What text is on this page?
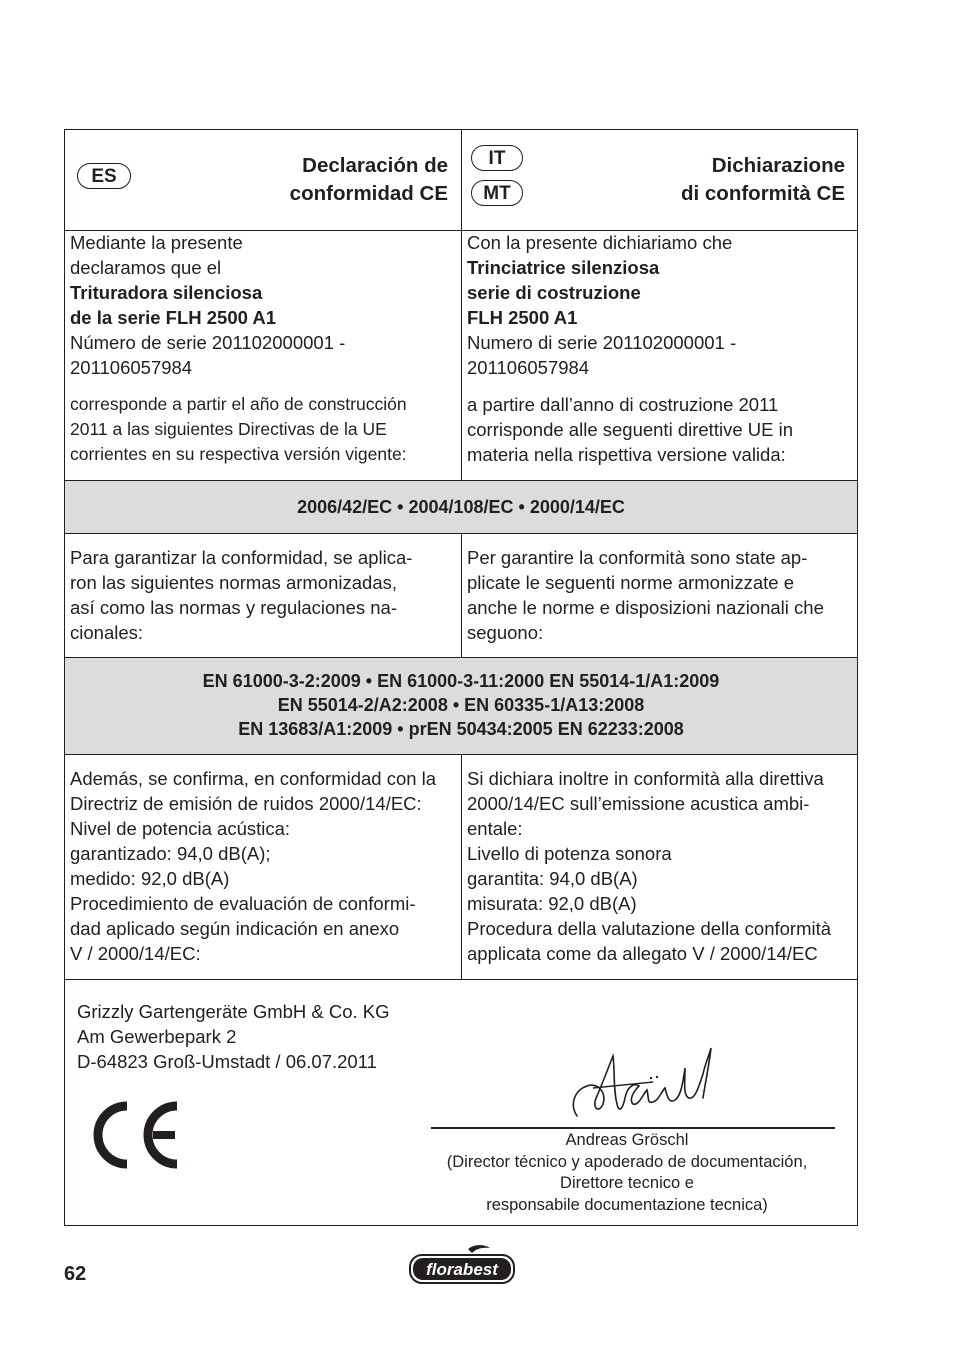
ES	Declaración de
conformidad CE
IT
MT
Dichiarazione
di conformità CE
Mediante la presente
declaramos que el
Trituradora silenciosa
de la serie FLH 2500 A1
Número de serie 201102000001 -
201106057984
corresponde a partir el año de construcción
2011 a las siguientes Directivas de la UE
corrientes en su respectiva versión vigente:
Con la presente dichiariamo che
Trinciatrice silenziosa
serie di costruzione
FLH 2500 A1
Numero di serie 201102000001 -
201106057984
a partire dall’anno di costruzione 2011
corrisponde alle seguenti direttive UE in
materia nella rispettiva versione valida:
2006/42/EC • 2004/108/EC • 2000/14/EC
Para garantizar la conformidad, se aplica-
ron las siguientes normas armonizadas,
así como las normas y regulaciones na-
cionales:
Per garantire la conformità sono state ap-
plicate le seguenti norme armonizzate e
anche le norme e disposizioni nazionali che
seguono:
EN 61000-3-2:2009 • EN 61000-3-11:2000 EN 55014-1/A1:2009
EN 55014-2/A2:2008 • EN 60335-1/A13:2008
EN 13683/A1:2009 • prEN 50434:2005 EN 62233:2008
Además, se confirma, en conformidad con la
Directriz de emisión de ruidos 2000/14/EC:
Nivel de potencia acústica:
garantizado: 94,0 dB(A);
medido: 92,0 dB(A)
Procedimiento de evaluación de conformi-
dad aplicado según indicación en anexo
V / 2000/14/EC:
Si dichiara inoltre in conformità alla direttiva
2000/14/EC sull’emissione acustica ambi-
entale:
Livello di potenza sonora
garantita: 94,0 dB(A)
misurata: 92,0 dB(A)
Procedura della valutazione della conformità
applicata come da allegato V / 2000/14/EC
Grizzly Gartengeräte GmbH & Co. KG
Am Gewerbepark 2
D-64823 Groß-Umstadt / 06.07.2011
Andreas Gröschl
(Director técnico y apoderado de documentación,
Direttore tecnico e
responsabile documentazione tecnica)
62	florabest
